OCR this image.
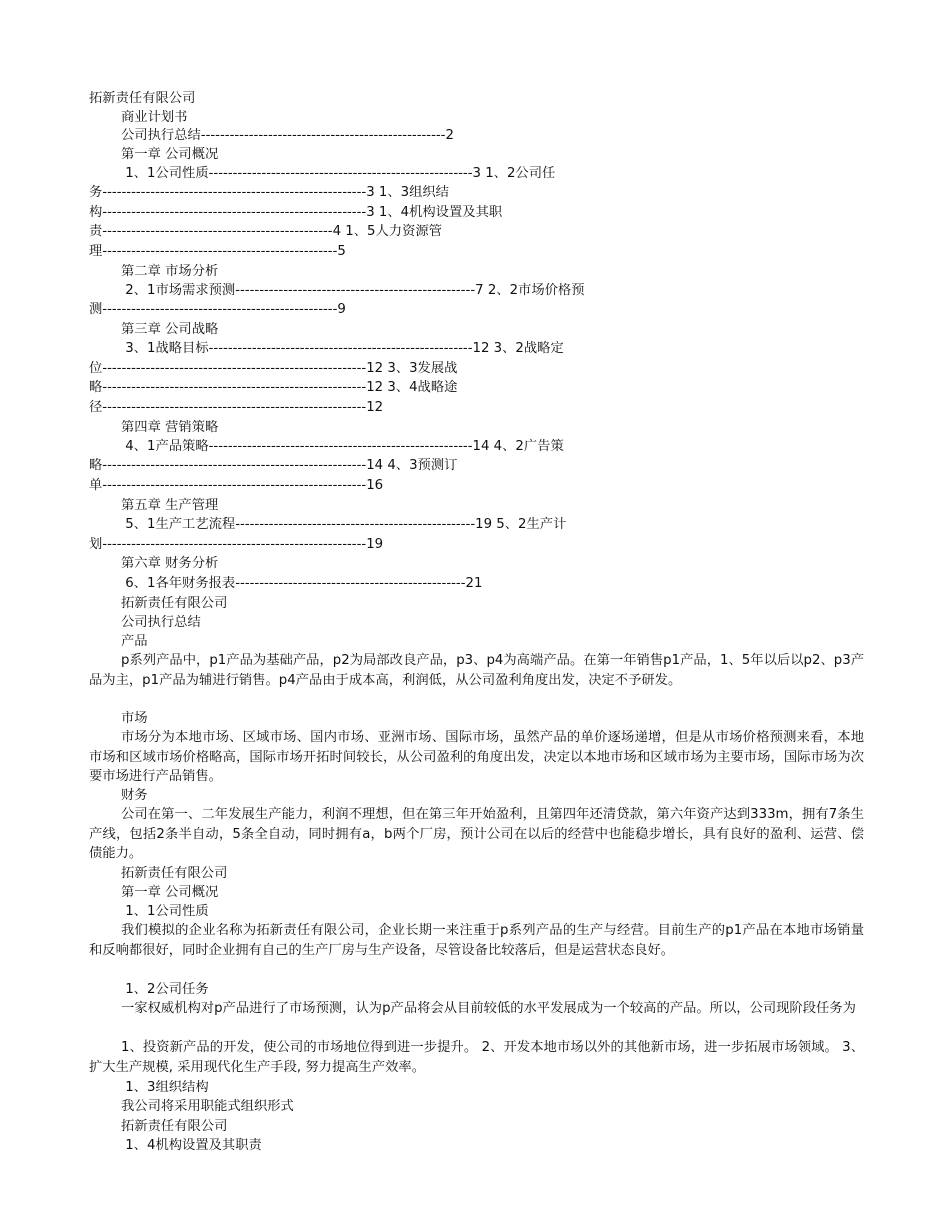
拓新责任有限公司
商业计划书
公司执行总结---------------------------------------------------2
第一章 公司概况
1、1公司性质-------------------------------------------------------3 1、2公司任
务-------------------------------------------------------3 1、3组织结
构-------------------------------------------------------3 1、4机构设置及其职
责------------------------------------------------4 1、5人力资源管
理-------------------------------------------------5
第二章 市场分析
2、1市场需求预测--------------------------------------------------7 2、2市场价格预
测-------------------------------------------------9
第三章 公司战略
3、1战略目标-------------------------------------------------------12 3、2战略定
位-------------------------------------------------------12 3、3发展战
略-------------------------------------------------------12 3、4战略途
径-------------------------------------------------------12
第四章 营销策略
4、1产品策略-------------------------------------------------------14 4、2广告策
略-------------------------------------------------------14 4、3预测订
单-------------------------------------------------------16
第五章 生产管理
5、1生产工艺流程--------------------------------------------------19 5、2生产计
划-------------------------------------------------------19
第六章 财务分析
6、1各年财务报表------------------------------------------------21
拓新责任有限公司
公司执行总结
产品
p系列产品中，p1产品为基础产品，p2为局部改良产品，p3、p4为高端产品。在第一年销售p1产品，1、5年以后以p2、p3产品为主，p1产品为辅进行销售。p4产品由于成本高，利润低，从公司盈利角度出发，决定不予研发。
市场
市场分为本地市场、区域市场、国内市场、亚洲市场、国际市场，虽然产品的单价逐场递增，但是从市场价格预测来看，本地市场和区域市场价格略高，国际市场开拓时间较长，从公司盈利的角度出发，决定以本地市场和区域市场为主要市场，国际市场为次要市场进行产品销售。
财务
公司在第一、二年发展生产能力，利润不理想，但在第三年开始盈利，且第四年还清贷款，第六年资产达到333m，拥有7条生产线，包括2条半自动，5条全自动，同时拥有a，b两个厂房，预计公司在以后的经营中也能稳步增长，具有良好的盈利、运营、偿债能力。
拓新责任有限公司
第一章 公司概况
1、1公司性质
我们模拟的企业名称为拓新责任有限公司，企业长期一来注重于p系列产品的生产与经营。目前生产的p1产品在本地市场销量和反响都很好，同时企业拥有自己的生产厂房与生产设备，尽管设备比较落后，但是运营状态良好。
1、2公司任务
一家权威机构对p产品进行了市场预测，认为p产品将会从目前较低的水平发展成为一个较高的产品。所以，公司现阶段任务为
1、投资新产品的开发，使公司的市场地位得到进一步提升。 2、开发本地市场以外的其他新市场，进一步拓展市场领域。 3、扩大生产规模, 采用现代化生产手段, 努力提高生产效率。
1、3组织结构
我公司将采用职能式组织形式
拓新责任有限公司
1、4机构设置及其职责
